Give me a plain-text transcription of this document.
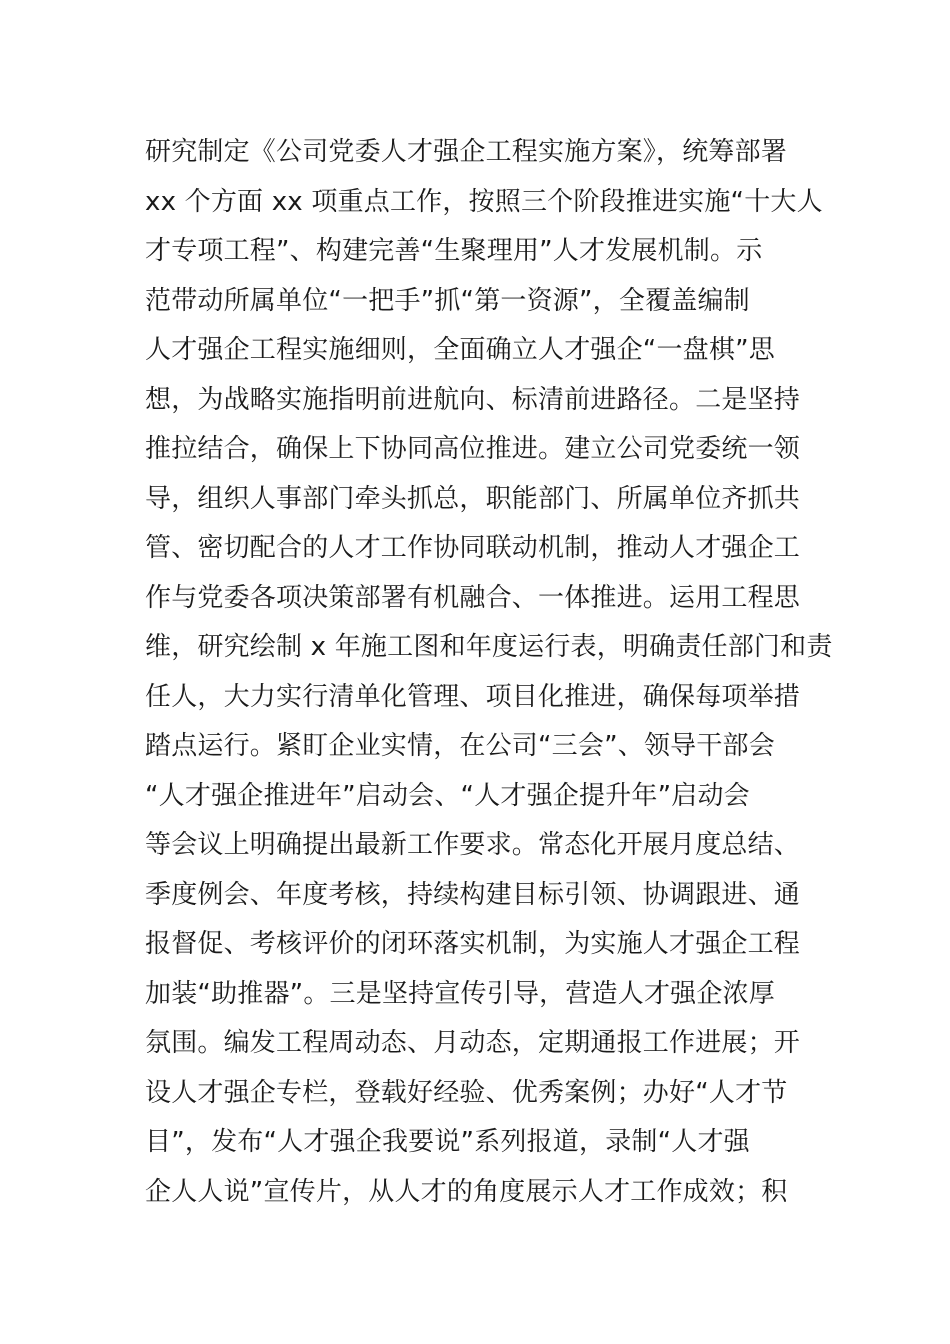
研究制定《公司党委人才强企工程实施方案》，统筹部署
xx 个方面 xx 项重点工作，按照三个阶段推进实施“十大人
才专项工程”、构建完善“生聚理用”人才发展机制。示
范带动所属单位“一把手”抓“第一资源”，全覆盖编制
人才强企工程实施细则，全面确立人才强企“一盘棋”思
想，为战略实施指明前进航向、标清前进路径。二是坚持
推拉结合，确保上下协同高位推进。建立公司党委统一领
导，组织人事部门牵头抓总，职能部门、所属单位齐抓共
管、密切配合的人才工作协同联动机制，推动人才强企工
作与党委各项决策部署有机融合、一体推进。运用工程思
维，研究绘制 x 年施工图和年度运行表，明确责任部门和责
任人，大力实行清单化管理、项目化推进，确保每项举措
踏点运行。紧盯企业实情，在公司“三会”、领导干部会
“人才强企推进年”启动会、“人才强企提升年”启动会
等会议上明确提出最新工作要求。常态化开展月度总结、
季度例会、年度考核，持续构建目标引领、协调跟进、通
报督促、考核评价的闭环落实机制，为实施人才强企工程
加装“助推器”。三是坚持宣传引导，营造人才强企浓厚
氛围。编发工程周动态、月动态，定期通报工作进展；开
设人才强企专栏，登载好经验、优秀案例；办好“人才节
目”，发布“人才强企我要说”系列报道，录制“人才强
企人人说”宣传片，从人才的角度展示人才工作成效；积
